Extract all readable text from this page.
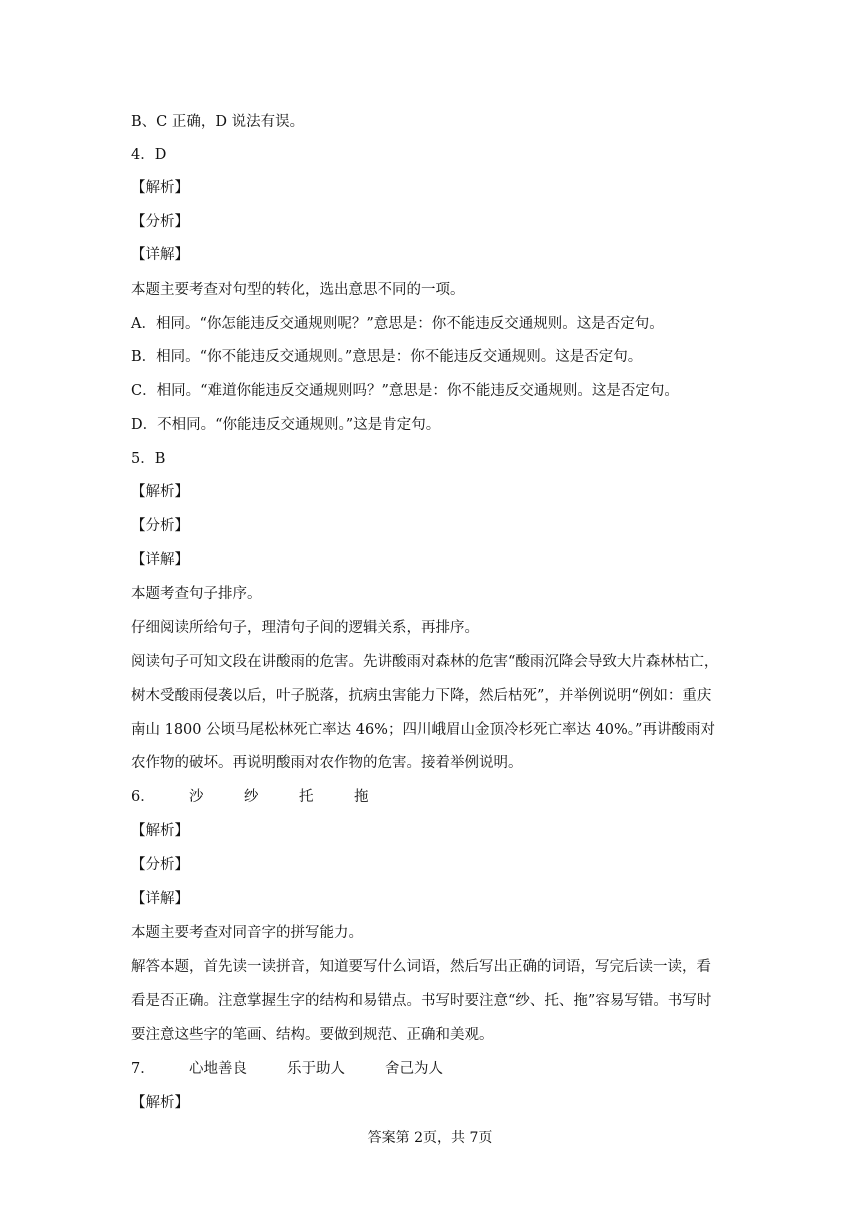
B、C 正确，D 说法有误。
4．D
【解析】
【分析】
【详解】
本题主要考查对句型的转化，选出意思不同的一项。
A．相同。“你怎能违反交通规则呢？”意思是：你不能违反交通规则。这是否定句。
B．相同。“你不能违反交通规则。”意思是：你不能违反交通规则。这是否定句。
C．相同。“难道你能违反交通规则吗？”意思是：你不能违反交通规则。这是否定句。
D．不相同。“你能违反交通规则。”这是肯定句。
5．B
【解析】
【分析】
【详解】
本题考查句子排序。
仔细阅读所给句子，理清句子间的逻辑关系，再排序。
阅读句子可知文段在讲酸雨的危害。先讲酸雨对森林的危害“酸雨沉降会导致大片森林枯亡，
树木受酸雨侵袭以后，叶子脱落，抗病虫害能力下降，然后枯死”，并举例说明“例如：重庆
南山 1800 公顷马尾松林死亡率达 46%；四川峨眉山金顶冷杉死亡率达 40%。”再讲酸雨对
农作物的破坏。再说明酸雨对农作物的危害。接着举例说明。
6． 沙	纱	托	拖
【解析】
【分析】
【详解】
本题主要考查对同音字的拼写能力。
解答本题，首先读一读拼音，知道要写什么词语，然后写出正确的词语，写完后读一读，看
看是否正确。注意掌握生字的结构和易错点。书写时要注意“纱、托、拖”容易写错。书写时
要注意这些字的笔画、结构。要做到规范、正确和美观。
7． 心地善良	乐于助人	舍己为人
【解析】
答案第 2页，共 7页
